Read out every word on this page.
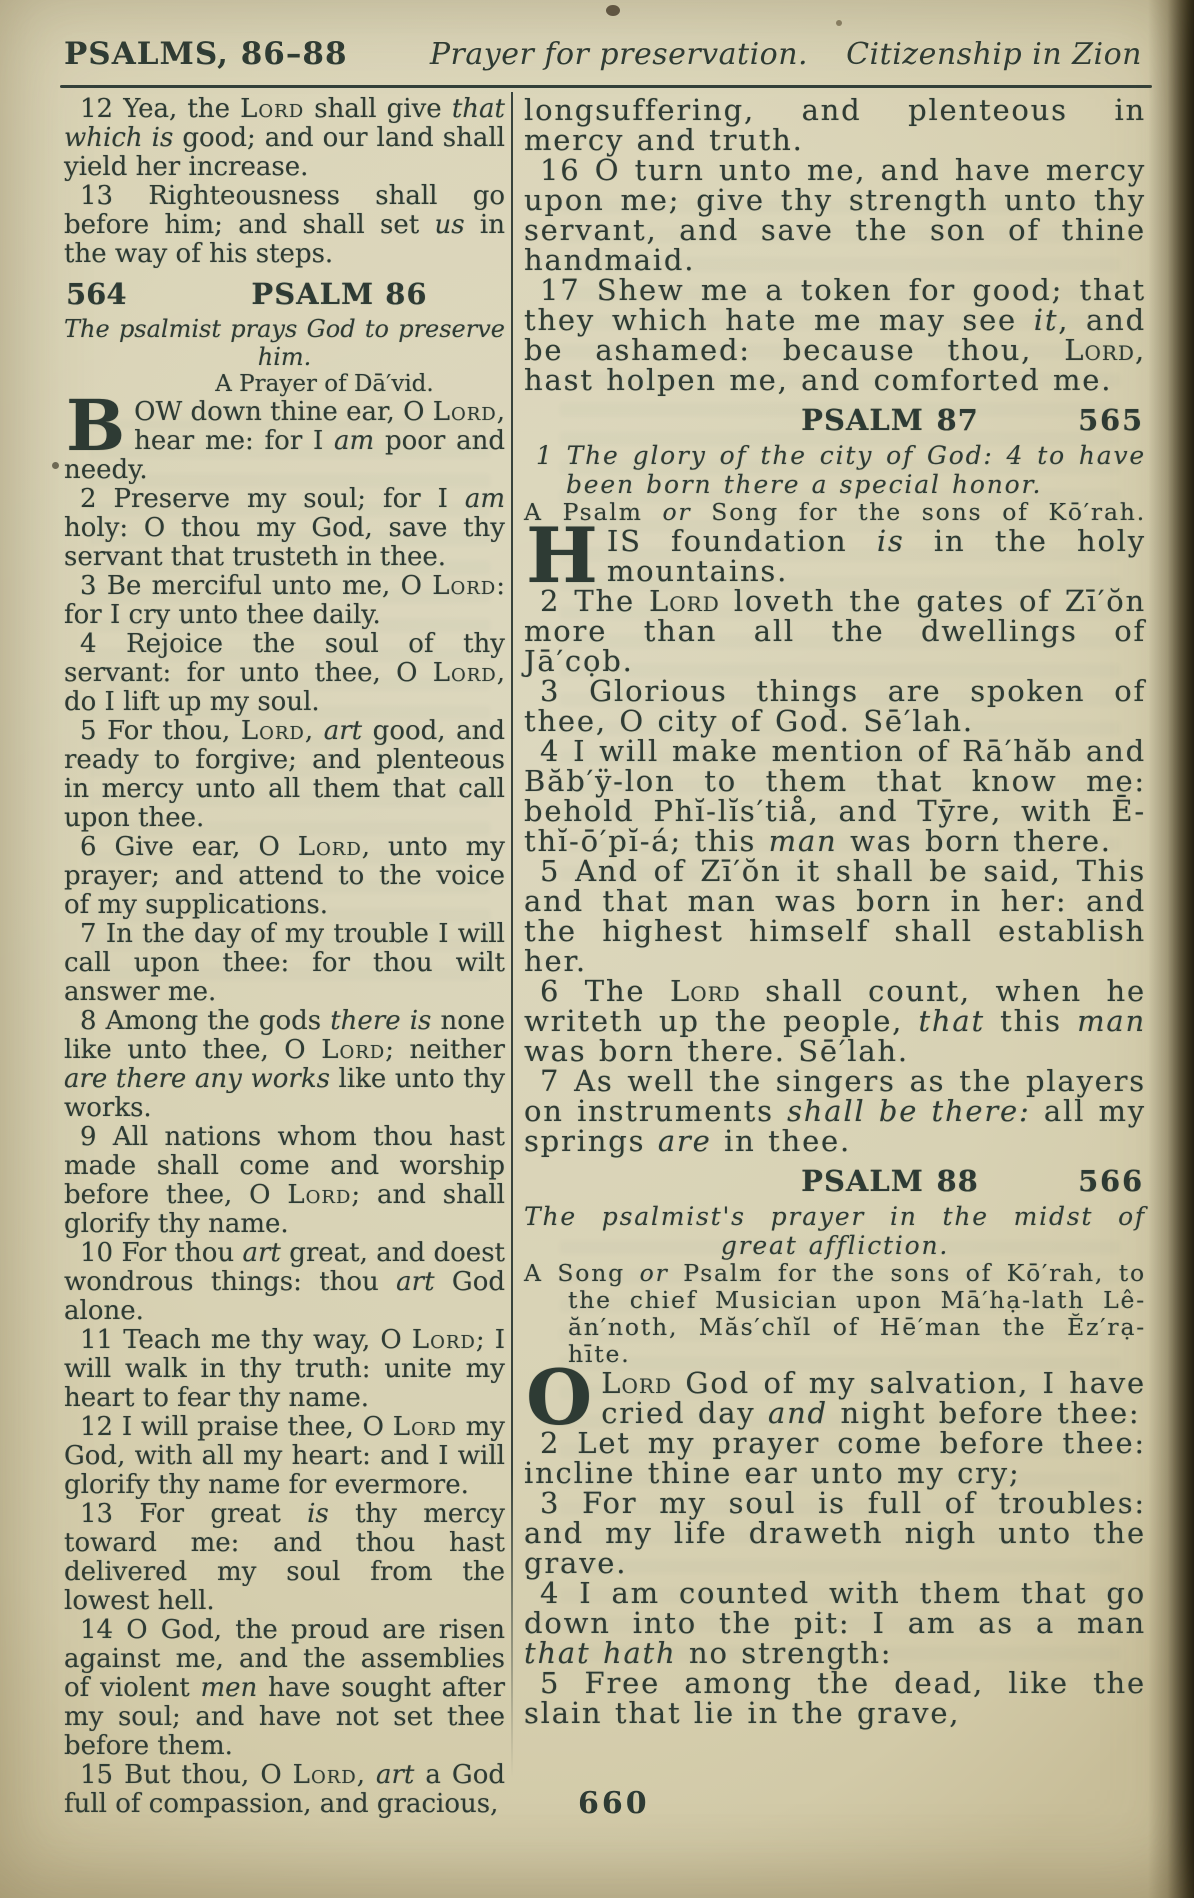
PSALMS, 86–88	Prayer for preservation. Citizenship in Zion

12 Yea, the Lord shall give that which is good; and our land shall yield her increase.

13 Righteousness shall go before him; and shall set us in the way of his steps.

564	PSALM 86

The psalmist prays God to preserve him.

A Prayer of Dā′vid.

BOW down thine ear, O Lord, hear me: for I am poor and needy.

2 Preserve my soul; for I am holy: O thou my God, save thy servant that trusteth in thee.

3 Be merciful unto me, O Lord: for I cry unto thee daily.

4 Rejoice the soul of thy servant: for unto thee, O Lord, do I lift up my soul.

5 For thou, Lord, art good, and ready to forgive; and plenteous in mercy unto all them that call upon thee.

6 Give ear, O Lord, unto my prayer; and attend to the voice of my supplications.

7 In the day of my trouble I will call upon thee: for thou wilt answer me.

8 Among the gods there is none like unto thee, O Lord; neither are there any works like unto thy works.

9 All nations whom thou hast made shall come and worship before thee, O Lord; and shall glorify thy name.

10 For thou art great, and doest wondrous things: thou art God alone.

11 Teach me thy way, O Lord; I will walk in thy truth: unite my heart to fear thy name.

12 I will praise thee, O Lord my God, with all my heart: and I will glorify thy name for evermore.

13 For great is thy mercy toward me: and thou hast delivered my soul from the lowest hell.

14 O God, the proud are risen against me, and the assemblies of violent men have sought after my soul; and have not set thee before them.

15 But thou, O Lord, art a God full of compassion, and gracious,

longsuffering, and plenteous in mercy and truth.

16 O turn unto me, and have mercy upon me; give thy strength unto thy servant, and save the son of thine handmaid.

17 Shew me a token for good; that they which hate me may see it, and be ashamed: because thou, Lord, hast holpen me, and comforted me.

PSALM 87	565

1 The glory of the city of God: 4 to have been born there a special honor.

A Psalm or Song for the sons of Kō′rah.

HIS foundation is in the holy mountains.

2 The Lord loveth the gates of Zī′ŏn more than all the dwellings of Jā′cọb.

3 Glorious things are spoken of thee, O city of God. Sē′lah.

4 I will make mention of Rā′hăb and Băb′ÿ-lon to them that know me: behold Phĭ-lĭs′tiå, and Tȳre, with Ē-thĭ-ō′pĭ-á; this man was born there.

5 And of Zī′ŏn it shall be said, This and that man was born in her: and the highest himself shall establish her.

6 The Lord shall count, when he writeth up the people, that this man was born there. Sē′lah.

7 As well the singers as the players on instruments shall be there: all my springs are in thee.

PSALM 88	566

The psalmist's prayer in the midst of great affliction.

A Song or Psalm for the sons of Kō′rah, to the chief Musician upon Mā′hạ-lath Lê-ăn′noth, Măs′chĭl of Hē′man the Ĕz′rạ-hīte.

O Lord God of my salvation, I have cried day and night before thee:

2 Let my prayer come before thee: incline thine ear unto my cry;

3 For my soul is full of troubles: and my life draweth nigh unto the grave.

4 I am counted with them that go down into the pit: I am as a man that hath no strength:

5 Free among the dead, like the slain that lie in the grave,

660
